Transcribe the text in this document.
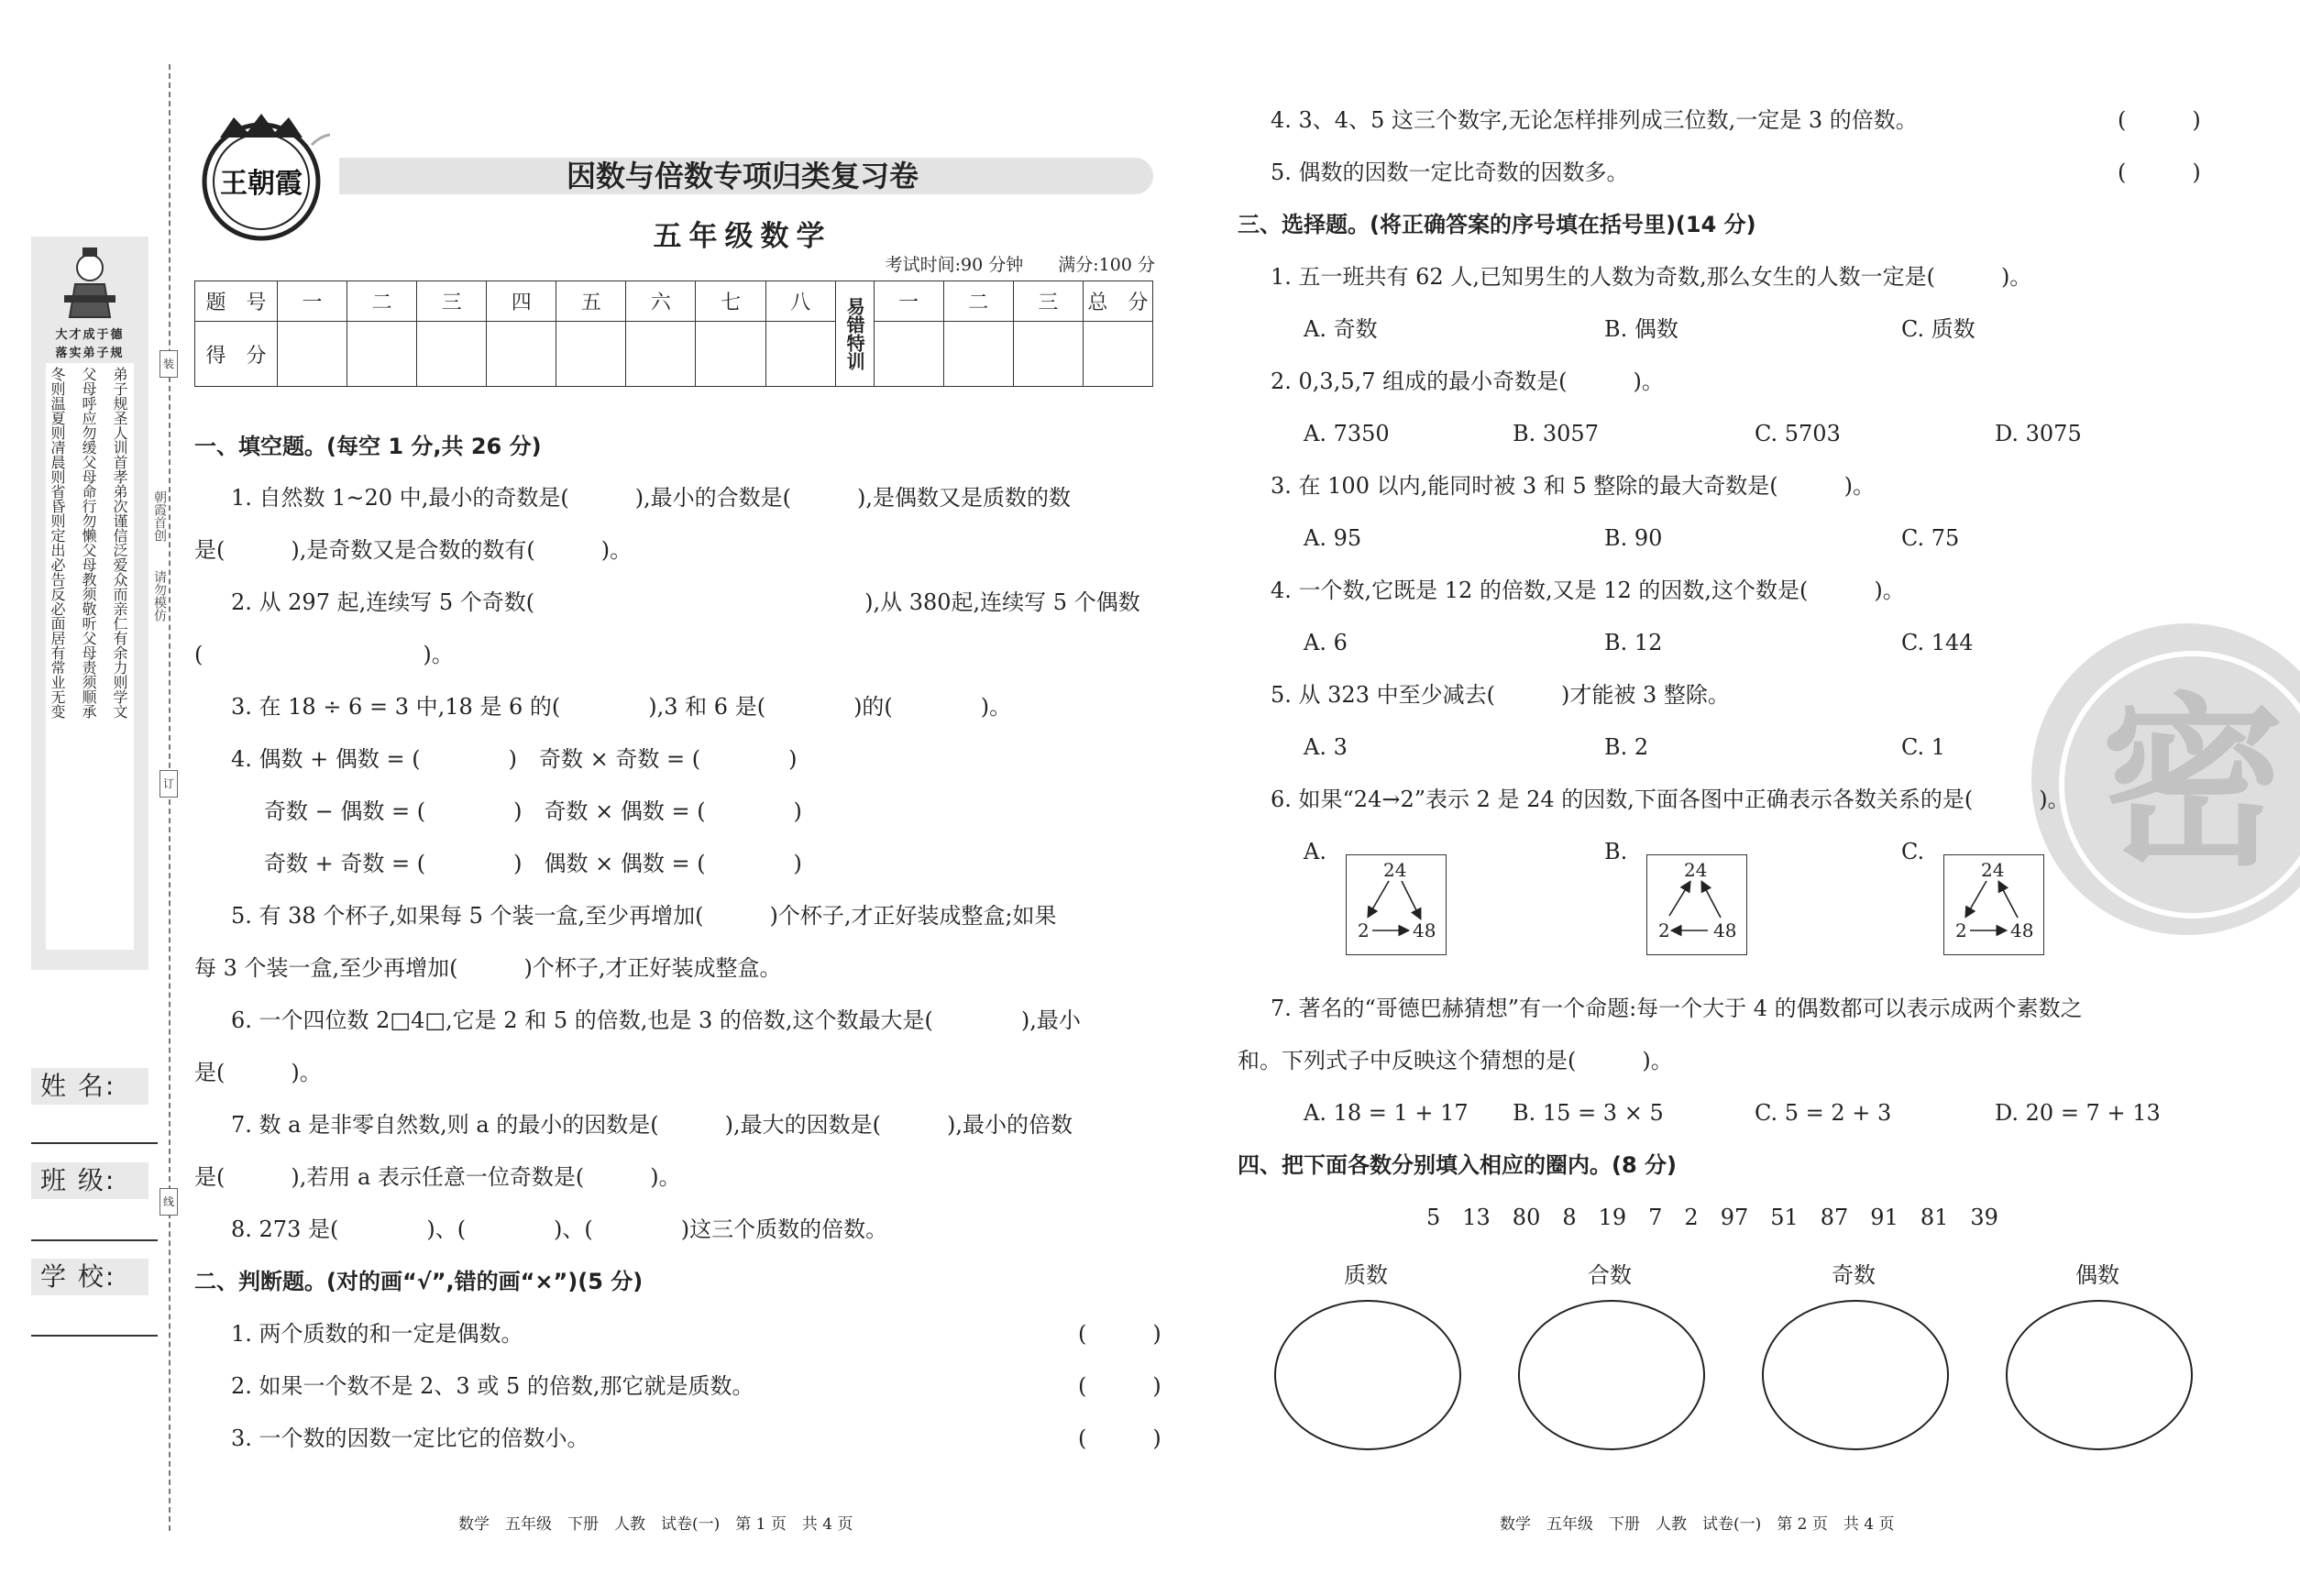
大才成于德
落实弟子规
冬则温夏则凊晨则省昏则定出必告反必面居有常业无变 父母呼应勿缓父母命行勿懒父母教须敬听父母责须顺承 弟子规圣人训首孝弟次谨信泛爱众而亲仁有余力则学文
姓 名:
班 级:
学 校:
朝霞首创
请勿模仿
装
订
线
王朝霞	因数与倍数专项归类复习卷
五年级数学
考试时间:90 分钟　　 满分:100 分
题　号	一	二	三	四	五	六	七	八	易错特训	一	二	三	总　分
得　分													
一、填空题。(每空 1 分,共 26 分)
1. 自然数 1~20 中,最小的奇数是(　　　),最小的合数是(　　　),是偶数又是质数的数
是(　　　),是奇数又是合数的数有(　　　)。
2. 从 297 起,连续写 5 个奇数(　　　　　　　　　　　　　　　),从 380起,连续写 5 个偶数
(　　　　　　　　　　)。
3. 在 18 ÷ 6 = 3 中,18 是 6 的(　　　　),3 和 6 是(　　　　)的(　　　　)。
4. 偶数 + 偶数 = (　　　　)　奇数 × 奇数 = (　　　　)
奇数 − 偶数 = (　　　　)　奇数 × 偶数 = (　　　　)
奇数 + 奇数 = (　　　　)　偶数 × 偶数 = (　　　　)
5. 有 38 个杯子,如果每 5 个装一盒,至少再增加(　　　)个杯子,才正好装成整盒;如果
每 3 个装一盒,至少再增加(　　　)个杯子,才正好装成整盒。
6. 一个四位数 2□4□,它是 2 和 5 的倍数,也是 3 的倍数,这个数最大是(　　　　),最小
是(　　　)。
7. 数 a 是非零自然数,则 a 的最小的因数是(　　　),最大的因数是(　　　),最小的倍数
是(　　　),若用 a 表示任意一位奇数是(　　　)。
8. 273 是(　　　　)、(　　　　)、(　　　　)这三个质数的倍数。
二、判断题。(对的画“√”,错的画“×”)(5 分)
1. 两个质数的和一定是偶数。	(　　　)
2. 如果一个数不是 2、3 或 5 的倍数,那它就是质数。	(　　　)
3. 一个数的因数一定比它的倍数小。	(　　　)
4. 3、4、5 这三个数字,无论怎样排列成三位数,一定是 3 的倍数。	(　　　)
5. 偶数的因数一定比奇数的因数多。	(　　　)
密
三、选择题。(将正确答案的序号填在括号里)(14 分)
1. 五一班共有 62 人,已知男生的人数为奇数,那么女生的人数一定是(　　　)。
A. 奇数	B. 偶数	C. 质数
2. 0,3,5,7 组成的最小奇数是(　　　)。
A. 7350	B. 3057	C. 5703	D. 3075
3. 在 100 以内,能同时被 3 和 5 整除的最大奇数是(　　　)。
A. 95	B. 90	C. 75
4. 一个数,它既是 12 的倍数,又是 12 的因数,这个数是(　　　)。
A. 6	B. 12	C. 144
5. 从 323 中至少减去(　　　)才能被 3 整除。
A. 3	B. 2	C. 1
6. 如果“24→2”表示 2 是 24 的因数,下面各图中正确表示各数关系的是(　　　)。
A.
24
2 48
B.
24
2 48
C.
24
2 48
7. 著名的“哥德巴赫猜想”有一个命题:每一个大于 4 的偶数都可以表示成两个素数之
和。下列式子中反映这个猜想的是(　　　)。
A. 18 = 1 + 17 B. 15 = 3 × 5	C. 5 = 2 + 3	D. 20 = 7 + 13
四、把下面各数分别填入相应的圈内。(8 分)
5　13　80　8　19　7　2　97　51　87　91　81　39
质数	合数	奇数	偶数
数学　五年级　下册　人教　试卷(一)　第 1 页　共 4 页	数学　五年级　下册　人教　试卷(一)　第 2 页　共 4 页
